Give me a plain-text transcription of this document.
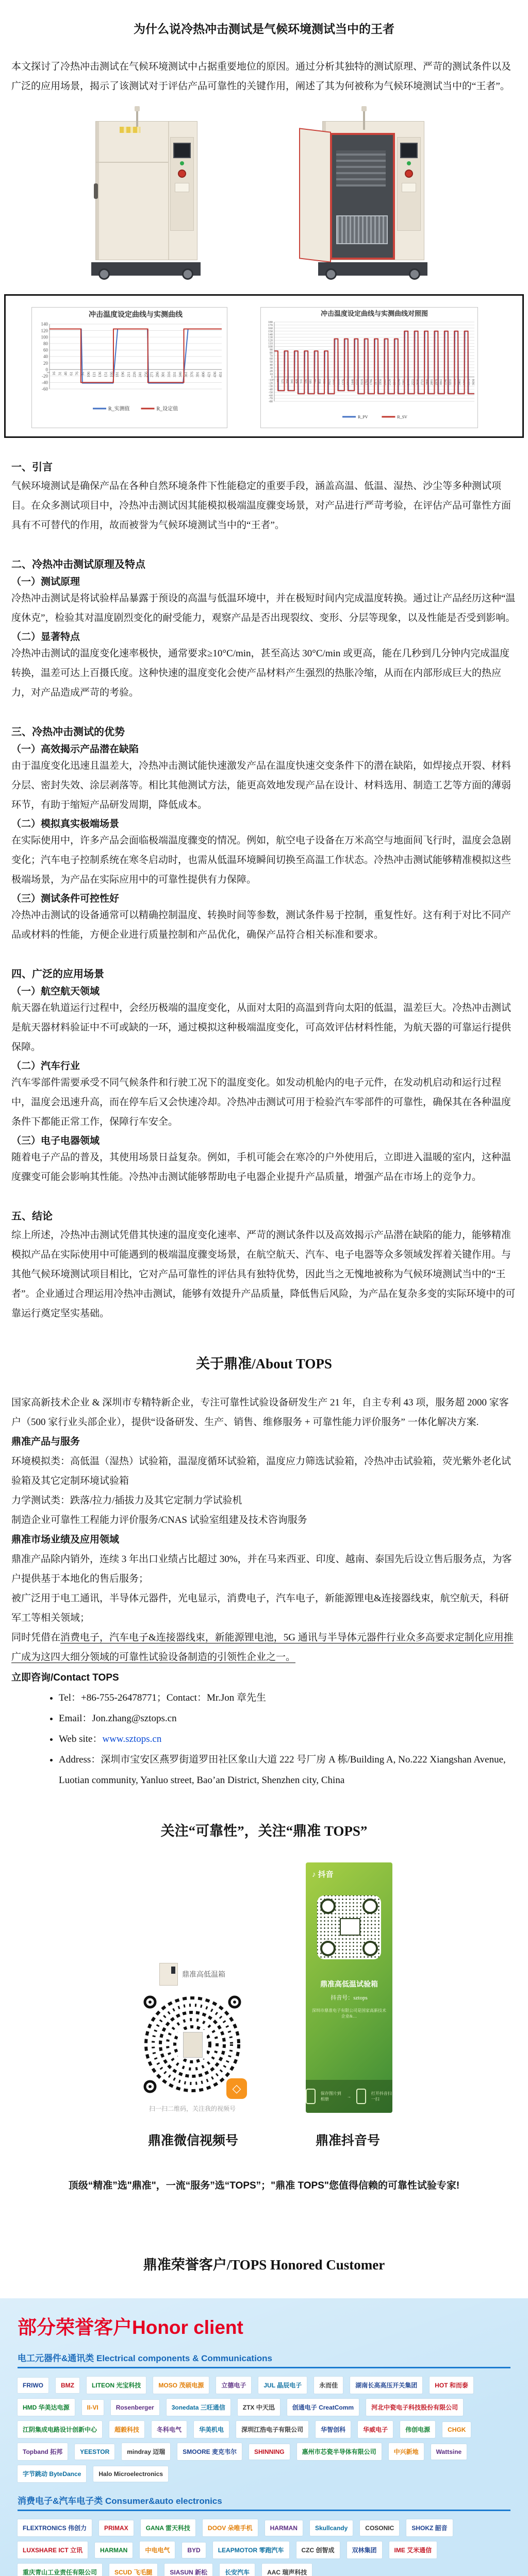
为什么说冷热冲击测试是气候环境测试当中的王者

本文探讨了冷热冲击测试在气候环境测试中占据重要地位的原因。通过分析其独特的测试原理、严苛的测试条件以及广泛的应用场景，揭示了该测试对于评估产品可靠性的关键作用，阐述了其为何被称为气候环境测试当中的“王者”。

冲击温度设定曲线与实测曲线
140
120
100
80
60
40
20
0
-20
-40
-60
1 16 31 46 61 76 91 106 121 136 151 166 181 196 211 226 241 256 271 286 301 316 331 346 361 376 391 406 421 436 451
R_实测值	R_设定值
冲击温度设定曲线与实测曲线对照图
180
170
160
150
140
130
120
110
100
90
80
70
60
50
40
30
20
10
0
-10
-20
-30
-40
-50
-60
-70
-80
1 86 171 256 341 426 511 596 681 766 851 936 1021 1106 1191 1276 1361 1446 1531 1616 1701 1786 1871 1956 2041 2126 2211 2296 2381 2466 2551 2636 2721 2806 2891 2976 3061 3146 3231 3316 3401 3486 3571 3656
R_PV	R_SV
一、引言

气候环境测试是确保产品在各种自然环境条件下性能稳定的重要手段，涵盖高温、低温、湿热、沙尘等多种测试项目。在众多测试项目中，冷热冲击测试因其能模拟极端温度骤变场景，对产品进行严苛考验，在评估产品可靠性方面具有不可替代的作用，故而被誉为气候环境测试当中的“王者”。

二、冷热冲击测试原理及特点
（一）测试原理

冷热冲击测试是将试验样品暴露于预设的高温与低温环境中，并在极短时间内完成温度转换。通过让产品经历这种“温度休克”，检验其对温度剧烈变化的耐受能力，观察产品是否出现裂纹、变形、分层等现象，以及性能是否受到影响。

（二）显著特点

冷热冲击测试的温度变化速率极快，通常要求≥10°C/min，甚至高达 30°C/min 或更高，能在几秒到几分钟内完成温度转换，温差可达上百摄氏度。这种快速的温度变化会使产品材料产生强烈的热胀冷缩，从而在内部形成巨大的热应力，对产品造成严苛的考验。

三、冷热冲击测试的优势
（一）高效揭示产品潜在缺陷

由于温度变化迅速且温差大，冷热冲击测试能快速激发产品在温度快速交变条件下的潜在缺陷，如焊接点开裂、材料分层、密封失效、涂层剥落等。相比其他测试方法，能更高效地发现产品在设计、材料选用、制造工艺等方面的薄弱环节，有助于缩短产品研发周期，降低成本。

（二）模拟真实极端场景

在实际使用中，许多产品会面临极端温度骤变的情况。例如，航空电子设备在万米高空与地面间飞行时，温度会急剧变化；汽车电子控制系统在寒冬启动时，也需从低温环境瞬间切换至高温工作状态。冷热冲击测试能够精准模拟这些极端场景，为产品在实际应用中的可靠性提供有力保障。

（三）测试条件可控性好

冷热冲击测试的设备通常可以精确控制温度、转换时间等参数，测试条件易于控制，重复性好。这有利于对比不同产品或材料的性能，方便企业进行质量控制和产品优化，确保产品符合相关标准和要求。

四、广泛的应用场景
（一）航空航天领域

航天器在轨道运行过程中，会经历极端的温度变化，从面对太阳的高温到背向太阳的低温，温差巨大。冷热冲击测试是航天器材料验证中不可或缺的一环，通过模拟这种极端温度变化，可高效评估材料性能，为航天器的可靠运行提供保障。

（二）汽车行业

汽车零部件需要承受不同气候条件和行驶工况下的温度变化。如发动机舱内的电子元件，在发动机启动和运行过程中，温度会迅速升高，而在停车后又会快速冷却。冷热冲击测试可用于检验汽车零部件的可靠性，确保其在各种温度条件下都能正常工作，保障行车安全。

（三）电子电器领域

随着电子产品的普及，其使用场景日益复杂。例如，手机可能会在寒冷的户外使用后，立即进入温暖的室内，这种温度骤变可能会影响其性能。冷热冲击测试能够帮助电子电器企业提升产品质量，增强产品在市场上的竞争力。

五、结论

综上所述，冷热冲击测试凭借其快速的温度变化速率、严苛的测试条件以及高效揭示产品潜在缺陷的能力，能够精准模拟产品在实际使用中可能遇到的极端温度骤变场景，在航空航天、汽车、电子电器等众多领域发挥着关键作用。与其他气候环境测试项目相比，它对产品可靠性的评估具有独特优势，因此当之无愧地被称为气候环境测试当中的“王者”。企业通过合理运用冷热冲击测试，能够有效提升产品质量，降低售后风险，为产品在复杂多变的实际环境中的可靠运行奠定坚实基础。

关于鼎准/About TOPS

国家高新技术企业 & 深圳市专精特新企业，专注可靠性试验设备研发生产 21 年，自主专利 43 项，服务超 2000 家客户（500 家行业头部企业），提供“设备研发、生产、销售、维修服务 + 可靠性能力评价服务” 一体化解决方案.

鼎准产品与服务

环境模拟类：高低温（湿热）试验箱，温湿度循环试验箱，温度应力筛选试验箱，冷热冲击试验箱，荧光紫外老化试验箱及其它定制环境试验箱

力学测试类：跌落/拉力/插拔力及其它定制力学试验机

制造企业可靠性工程能力评价服务/CNAS 试验室组建及技术咨询服务

鼎准市场业绩及应用领域

鼎准产品除内销外，连续 3 年出口业绩占比超过 30%，并在马来西亚、印度、越南、泰国先后设立售后服务点，为客户提供基于本地化的售后服务；

被广泛用于电工通讯，半导体元器件，光电显示，消费电子，汽车电子，新能源锂电&连接器线束，航空航天，科研军工等相关领域；

同时凭借在消费电子，汽车电子&连接器线束，新能源锂电池，5G 通讯与半导体元器件行业众多高要求定制化应用推广成为这四大细分领域的可靠性试验设备制造的引领性企业之一。

立即咨询/Contact TOPS

• Tel：+86-755-26478771；Contact：Mr.Jon 章先生
• Email：Jon.zhang@sztops.cn
• Web site：www.sztops.cn
• Address：深圳市宝安区燕罗街道罗田社区象山大道 222 号厂房 A 栋/Building A, No.222 Xiangshan Avenue, Luotian community, Yanluo street, Bao’an District, Shenzhen city, China
关注“可靠性”，关注“鼎准 TOPS”
鼎准高低温箱
◇
扫一扫二维码，关注我的视频号
♪ 抖音
鼎准高低温试验箱
抖音号：sztops
深圳市鼎准电子有限公司是国家高新技术企业&…
保存图片到相册
→
打开抖音扫一扫
鼎准微信视频号	鼎准抖音号

顶级“精准”选"鼎准"，一流“服务”选“TOPS”；"鼎准 TOPS"您值得信赖的可靠性试验专家!

鼎准荣誉客户/TOPS Honored Customer
部分荣誉客户Honor client
电工元器件&通讯类 Electrical components & Communications
FRIWO	BMZ	LITEON 光宝科技	MOSO 茂硕电源	立德电子	JUL 晶辰电子	永而佳	湖南长高高压开关集团	HOT 和而泰
HMD 华美达电源	II-VI	Rosenberger	3onedata 三旺通信	ZTX 中天迅	创通电子 CreatComm	河北中瓷电子科技股份有限公司
江阴集成电路设计创新中心	超毅科技	冬科电气	华美机电	深圳江浩电子有限公司	华智创科	华威电子	伟创电源	CHGK
Topband 拓邦	YEESTOR	mindray 迈瑞	SMOORE 麦克韦尔	SHINNING	惠州市芯瓷半导体有限公司	中兴新地	Wattsine
字节跳动 ByteDance	Halo Microelectronics
消费电子&汽车电子类 Consumer&auto electronics
FLEXTRONICS 伟创力	PRIMAX	GANA 雷天科技	DOOV 朵唯手机	HARMAN	Skullcandy	COSONIC	SHOKZ 韶音
LUXSHARE ICT 立讯	HARMAN	中电电气	BYD	LEAPMOTOR 零跑汽车	CZC 创智成	双林集团	IME 艾米通信
重庆青山工业责任有限公司	SCUD 飞毛腿	SIASUN 新松	长安汽车	AAC 瑞声科技
